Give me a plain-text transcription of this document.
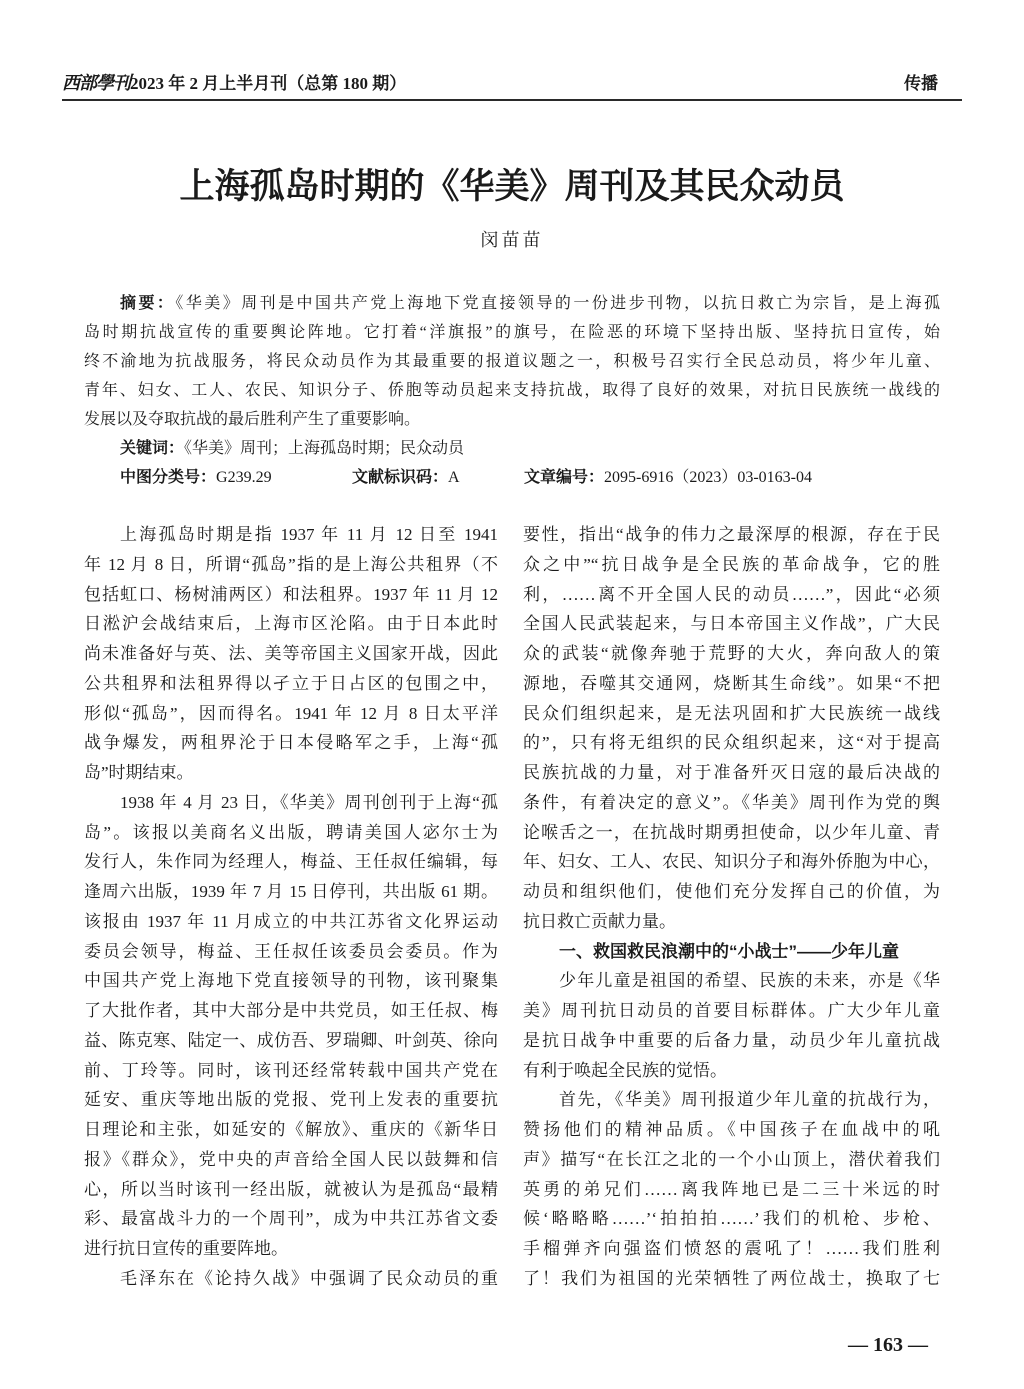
西部學刊2023 年 2 月上半月刊（总第 180 期）	传播
上海孤岛时期的《华美》周刊及其民众动员
闵苗苗
摘要：《华美》周刊是中国共产党上海地下党直接领导的一份进步刊物，以抗日救亡为宗旨，是上海孤
岛时期抗战宣传的重要舆论阵地。它打着“洋旗报”的旗号，在险恶的环境下坚持出版、坚持抗日宣传，始
终不渝地为抗战服务，将民众动员作为其最重要的报道议题之一，积极号召实行全民总动员，将少年儿童、
青年、妇女、工人、农民、知识分子、侨胞等动员起来支持抗战，取得了良好的效果，对抗日民族统一战线的
发展以及夺取抗战的最后胜利产生了重要影响。
关键词：《华美》周刊；上海孤岛时期；民众动员
中图分类号：G239.29	文献标识码：A	文章编号：2095-6916（2023）03-0163-04
上海孤岛时期是指 1937 年 11 月 12 日至 1941
年 12 月 8 日，所谓“孤岛”指的是上海公共租界（不
包括虹口、杨树浦两区）和法租界。1937 年 11 月 12
日淞沪会战结束后，上海市区沦陷。由于日本此时
尚未准备好与英、法、美等帝国主义国家开战，因此
公共租界和法租界得以孑立于日占区的包围之中，
形似“孤岛”，因而得名。1941 年 12 月 8 日太平洋
战争爆发，两租界沦于日本侵略军之手，上海“孤
岛”时期结束。
1938 年 4 月 23 日，《华美》周刊创刊于上海“孤
岛”。该报以美商名义出版，聘请美国人宓尔士为
发行人，朱作同为经理人，梅益、王任叔任编辑，每
逢周六出版，1939 年 7 月 15 日停刊，共出版 61 期。
该报由 1937 年 11 月成立的中共江苏省文化界运动
委员会领导，梅益、王任叔任该委员会委员。作为
中国共产党上海地下党直接领导的刊物，该刊聚集
了大批作者，其中大部分是中共党员，如王任叔、梅
益、陈克寒、陆定一、成仿吾、罗瑞卿、叶剑英、徐向
前、丁玲等。同时，该刊还经常转载中国共产党在
延安、重庆等地出版的党报、党刊上发表的重要抗
日理论和主张，如延安的《解放》、重庆的《新华日
报》《群众》，党中央的声音给全国人民以鼓舞和信
心，所以当时该刊一经出版，就被认为是孤岛“最精
彩、最富战斗力的一个周刊”，成为中共江苏省文委
进行抗日宣传的重要阵地。
毛泽东在《论持久战》中强调了民众动员的重
要性，指出“战争的伟力之最深厚的根源，存在于民
众之中”“抗日战争是全民族的革命战争，它的胜
利，……离不开全国人民的动员……”，因此“必须
全国人民武装起来，与日本帝国主义作战”，广大民
众的武装“就像奔驰于荒野的大火，奔向敌人的策
源地，吞噬其交通网，烧断其生命线”。如果“不把
民众们组织起来，是无法巩固和扩大民族统一战线
的”，只有将无组织的民众组织起来，这“对于提高
民族抗战的力量，对于准备歼灭日寇的最后决战的
条件，有着决定的意义”。《华美》周刊作为党的舆
论喉舌之一，在抗战时期勇担使命，以少年儿童、青
年、妇女、工人、农民、知识分子和海外侨胞为中心，
动员和组织他们，使他们充分发挥自己的价值，为
抗日救亡贡献力量。
一、救国救民浪潮中的“小战士”——少年儿童
少年儿童是祖国的希望、民族的未来，亦是《华
美》周刊抗日动员的首要目标群体。广大少年儿童
是抗日战争中重要的后备力量，动员少年儿童抗战
有利于唤起全民族的觉悟。
首先，《华美》周刊报道少年儿童的抗战行为，
赞扬他们的精神品质。《中国孩子在血战中的吼
声》描写“在长江之北的一个小山顶上，潜伏着我们
英勇的弟兄们……离我阵地已是二三十米远的时
候‘略略略……’‘拍拍拍……’我们的机枪、步枪、
手榴弹齐向强盗们愤怒的震吼了！……我们胜利
了！我们为祖国的光荣牺牲了两位战士，换取了七
— 163 —
